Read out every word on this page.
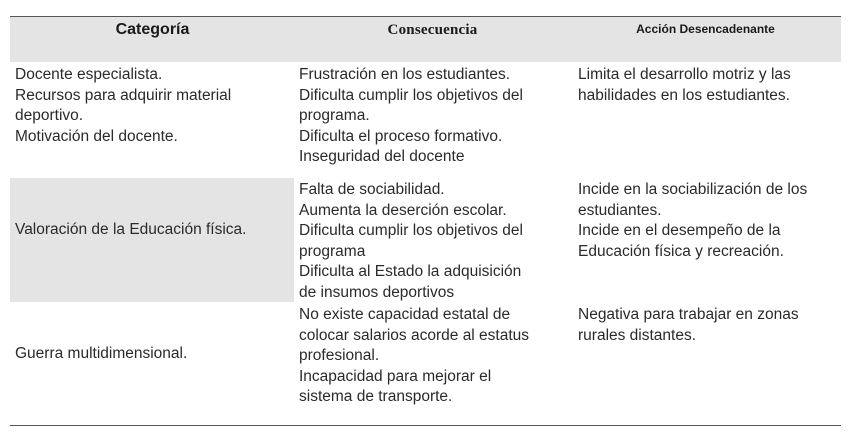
Categoría	Consecuencia	Acción Desencadenante
Docente especialista.
Recursos para adquirir material
deportivo.
Motivación del docente.
Frustración en los estudiantes.
Dificulta cumplir los objetivos del
programa.
Dificulta el proceso formativo.
Inseguridad del docente
Limita el desarrollo motriz y las
habilidades en los estudiantes.
Valoración de la Educación física.
Falta de sociabilidad.
Aumenta la deserción escolar.
Dificulta cumplir los objetivos del
programa
Dificulta al Estado la adquisición
de insumos deportivos
Incide en la sociabilización de los
estudiantes.
Incide en el desempeño de la
Educación física y recreación.
Guerra multidimensional.
No existe capacidad estatal de
colocar salarios acorde al estatus
profesional.
Incapacidad para mejorar el
sistema de transporte.
Negativa para trabajar en zonas
rurales distantes.
